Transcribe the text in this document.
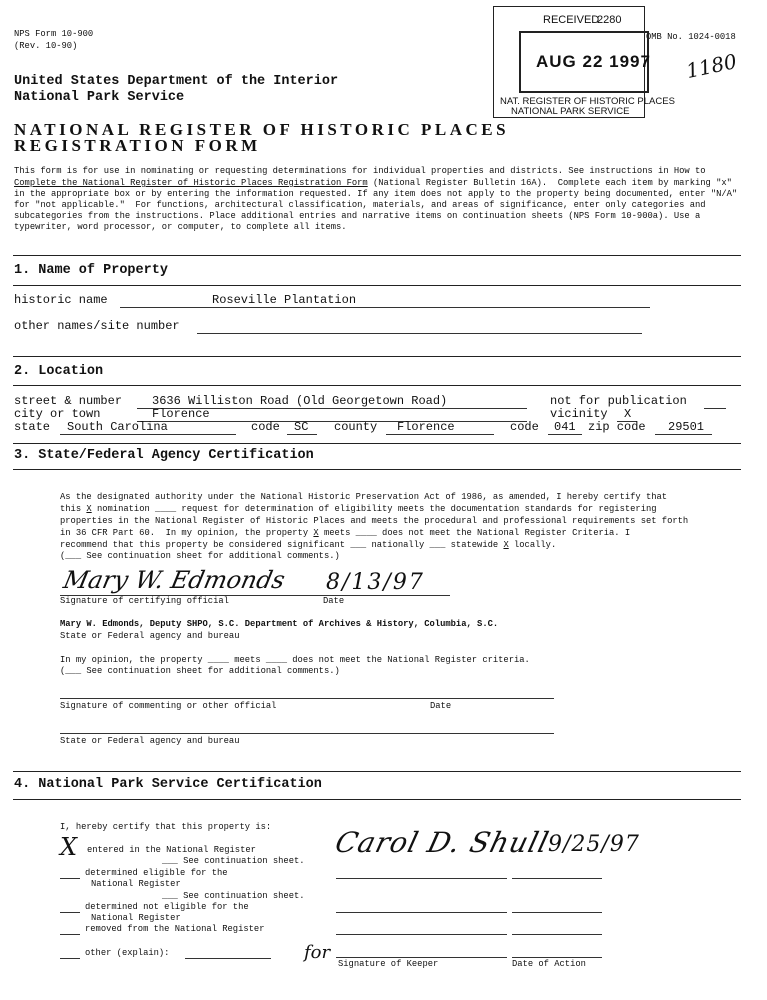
NPS Form 10-900
(Rev. 10-90)
OMB No. 1024-0018
United States Department of the Interior
National Park Service
NATIONAL REGISTER OF HISTORIC PLACES
REGISTRATION FORM
RECEIVED
2280
AUG 22 1997
NAT. REGISTER OF HISTORIC PLACES
NATIONAL PARK SERVICE
1180
This form is for use in nominating or requesting determinations for individual properties and districts. See instructions in How to
Complete the National Register of Historic Places Registration Form (National Register Bulletin 16A).  Complete each item by marking "x"
in the appropriate box or by entering the information requested. If any item does not apply to the property being documented, enter "N/A"
for "not applicable."  For functions, architectural classification, materials, and areas of significance, enter only categories and
subcategories from the instructions. Place additional entries and narrative items on continuation sheets (NPS Form 10-900a). Use a
typewriter, word processor, or computer, to complete all items.
1. Name of Property
historic name	Roseville Plantation
other names/site number
2. Location
street & number 3636 Williston Road (Old Georgetown Road)	not for publication
city or town	Florence	vicinity X
state South Carolina	code SC county Florence	code 041 zip code 29501
3. State/Federal Agency Certification
As the designated authority under the National Historic Preservation Act of 1986, as amended, I hereby certify that
this X nomination ____ request for determination of eligibility meets the documentation standards for registering
properties in the National Register of Historic Places and meets the procedural and professional requirements set forth
in 36 CFR Part 60.  In my opinion, the property X meets ____ does not meet the National Register Criteria. I
recommend that this property be considered significant ___ nationally ___ statewide X locally.
(___ See continuation sheet for additional comments.)
Mary W. Edmonds 8/13/97
Signature of certifying official	Date
Mary W. Edmonds, Deputy SHPO, S.C. Department of Archives & History, Columbia, S.C.
State or Federal agency and bureau
In my opinion, the property ____ meets ____ does not meet the National Register criteria.
(___ See continuation sheet for additional comments.)
Signature of commenting or other official	Date
State or Federal agency and bureau
4. National Park Service Certification
I, hereby certify that this property is:
X entered in the National Register
___ See continuation sheet.
determined eligible for the
National Register
___ See continuation sheet.
determined not eligible for the
National Register
removed from the National Register
other (explain):
Carol D. Shull
9/25/97
for
Signature of Keeper	Date of Action
